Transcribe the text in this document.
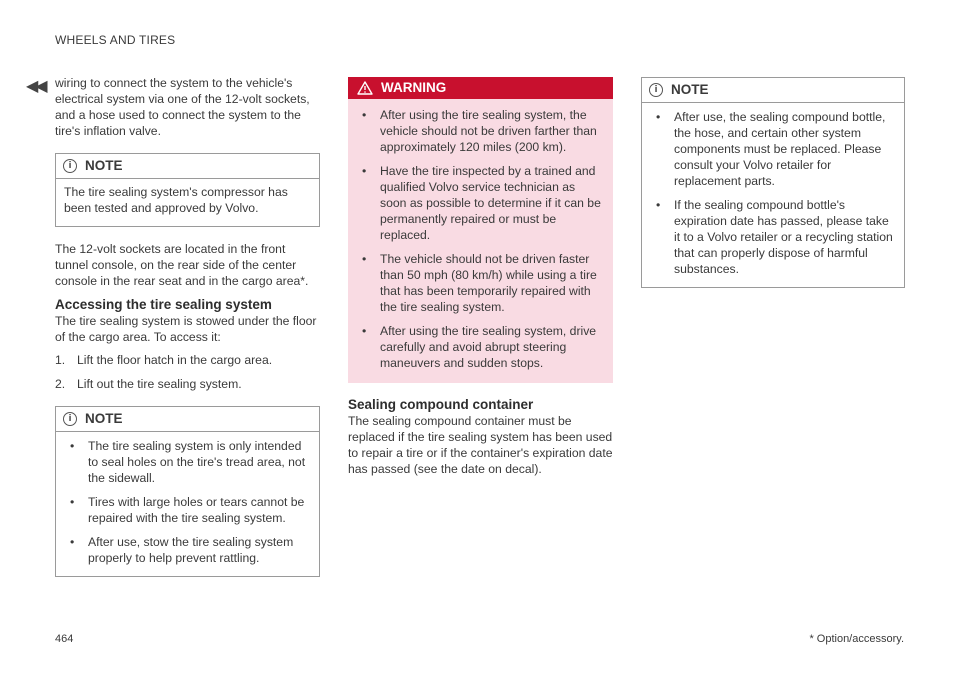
WHEELS AND TIRES
◀◀ wiring to connect the system to the vehicle's electrical system via one of the 12-volt sockets, and a hose used to connect the system to the tire's inflation valve.

i NOTE

The tire sealing system's compressor has been tested and approved by Volvo.

The 12-volt sockets are located in the front tunnel console, on the rear side of the center console in the rear seat and in the cargo area*.

Accessing the tire sealing system

The tire sealing system is stowed under the floor of the cargo area. To access it:

1. Lift the floor hatch in the cargo area.
2. Lift out the tire sealing system.
i NOTE
• The tire sealing system is only intended to seal holes on the tire's tread area, not the sidewall.
• Tires with large holes or tears cannot be repaired with the tire sealing system.
• After use, stow the tire sealing system properly to help prevent rattling.
WARNING
• After using the tire sealing system, the vehicle should not be driven farther than approximately 120 miles (200 km).
• Have the tire inspected by a trained and qualified Volvo service technician as soon as possible to determine if it can be permanently repaired or must be replaced.
• The vehicle should not be driven faster than 50 mph (80 km/h) while using a tire that has been temporarily repaired with the tire sealing system.
• After using the tire sealing system, drive carefully and avoid abrupt steering maneuvers and sudden stops.
Sealing compound container

The sealing compound container must be replaced if the tire sealing system has been used to repair a tire or if the container's expiration date has passed (see the date on decal).

i NOTE
• After use, the sealing compound bottle, the hose, and certain other system components must be replaced. Please consult your Volvo retailer for replacement parts.
• If the sealing compound bottle's expiration date has passed, please take it to a Volvo retailer or a recycling station that can properly dispose of harmful substances.
464	* Option/accessory.
